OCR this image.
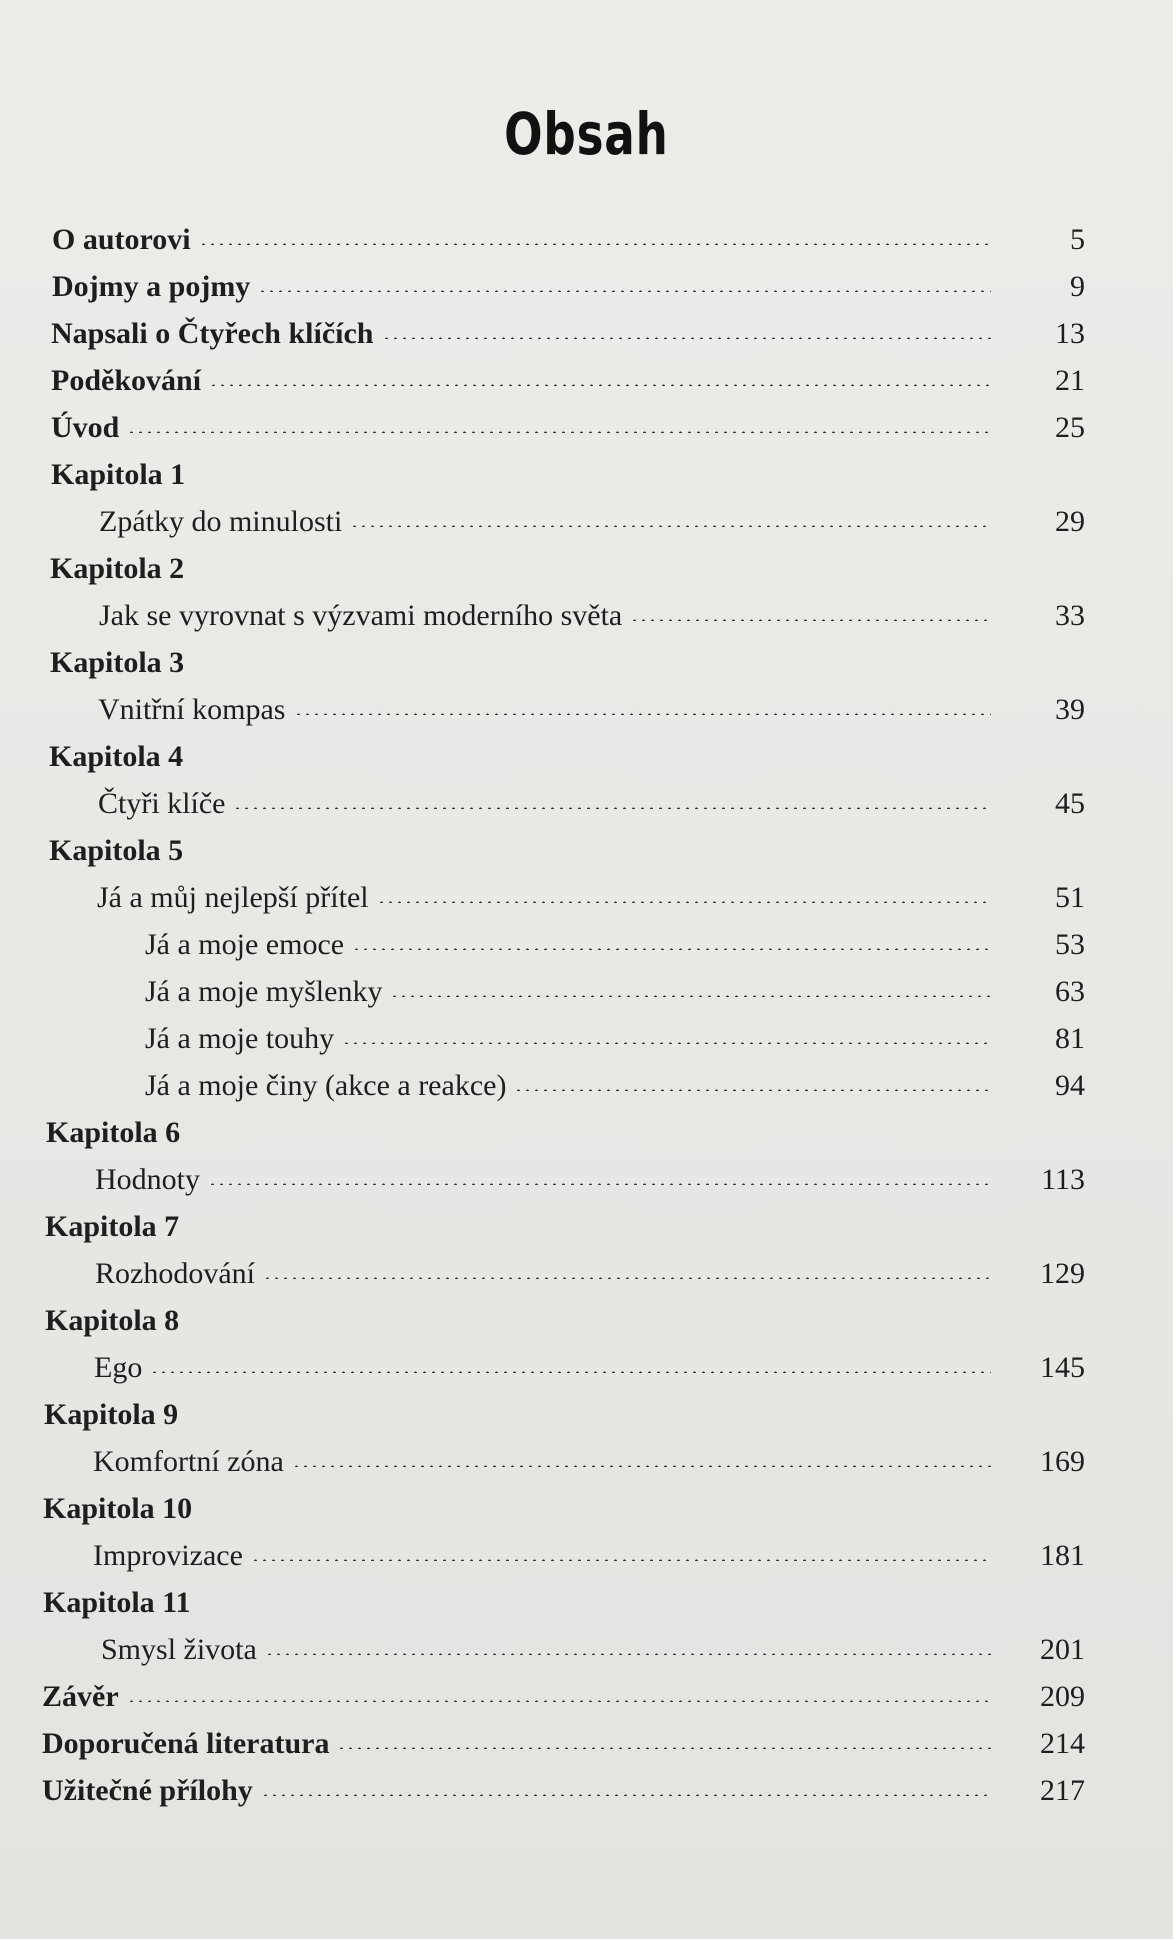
Obsah
O autorovi	5
Dojmy a pojmy	9
Napsali o Čtyřech klíčích	13
Poděkování	21
Úvod	25
Kapitola 1
Zpátky do minulosti	29
Kapitola 2
Jak se vyrovnat s výzvami moderního světa	33
Kapitola 3
Vnitřní kompas	39
Kapitola 4
Čtyři klíče	45
Kapitola 5
Já a můj nejlepší přítel	51
Já a moje emoce	53
Já a moje myšlenky	63
Já a moje touhy	81
Já a moje činy (akce a reakce)	94
Kapitola 6
Hodnoty	113
Kapitola 7
Rozhodování	129
Kapitola 8
Ego	145
Kapitola 9
Komfortní zóna	169
Kapitola 10
Improvizace	181
Kapitola 11
Smysl života	201
Závěr	209
Doporučená literatura	214
Užitečné přílohy	217
